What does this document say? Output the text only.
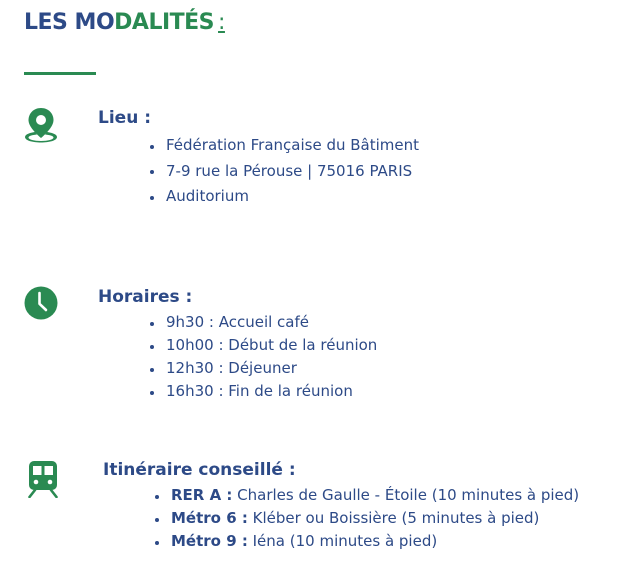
LES MODALITÉS :
Lieu :
Fédération Française du Bâtiment
7-9 rue la Pérouse | 75016 PARIS
Auditorium
Horaires :
9h30 : Accueil café
10h00 : Début de la réunion
12h30 : Déjeuner
16h30 : Fin de la réunion
Itinéraire conseillé :
RER A : Charles de Gaulle - Étoile (10 minutes à pied)
Métro 6 : Kléber ou Boissière (5 minutes à pied)
Métro 9 : Iéna (10 minutes à pied)
